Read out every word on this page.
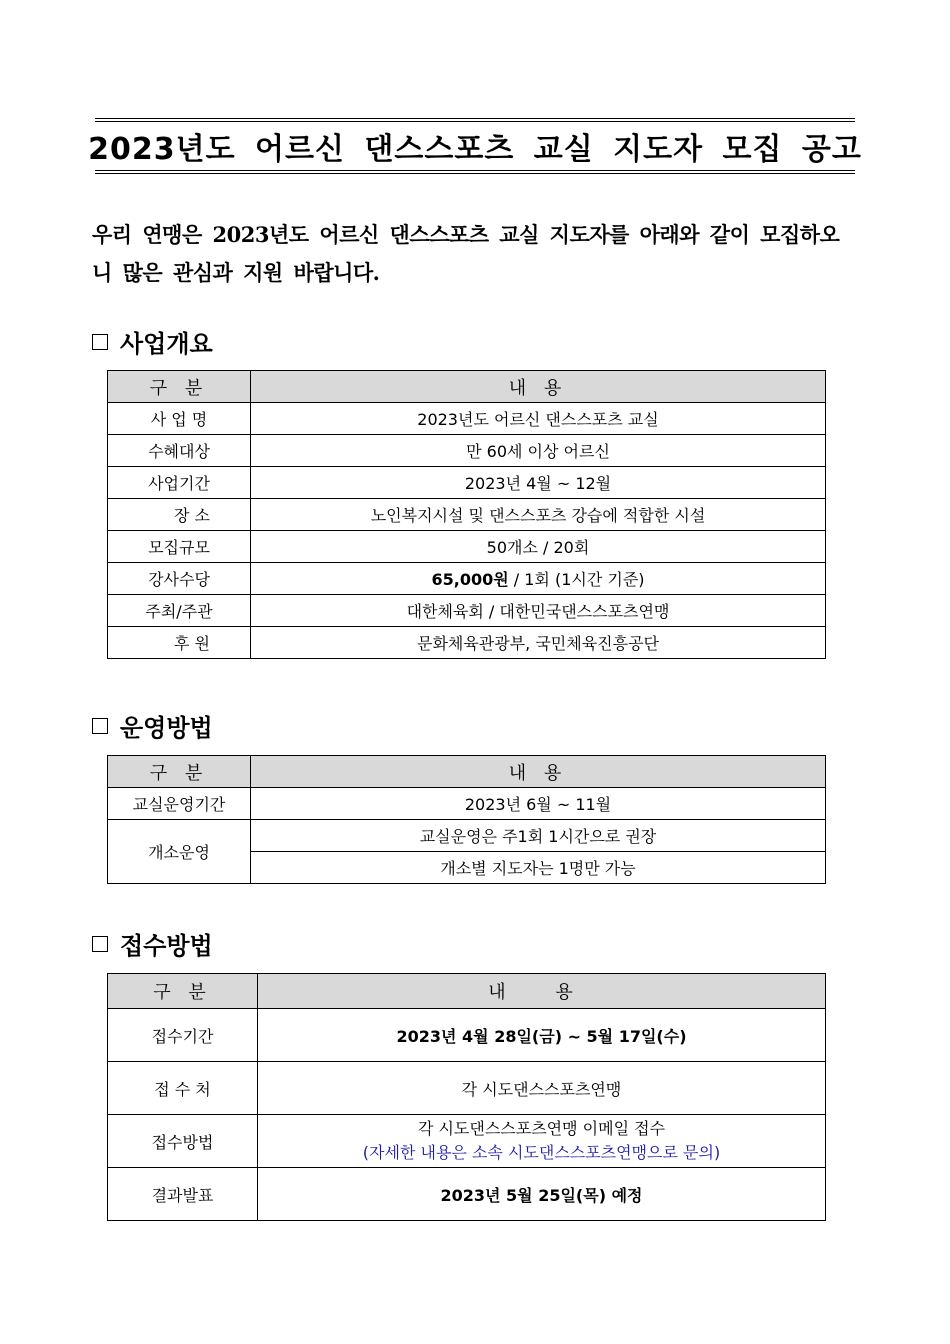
2023년도 어르신 댄스스포츠 교실 지도자 모집 공고
우리 연맹은 2023년도 어르신 댄스스포츠 교실 지도자를 아래와 같이 모집하오니 많은 관심과 지원 바랍니다.
사업개요
구 분	내 용
사 업 명	2023년도 어르신 댄스스포츠 교실
수혜대상	만 60세 이상 어르신
사업기간	2023년 4월 ~ 12월
장 소	노인복지시설 및 댄스스포츠 강습에 적합한 시설
모집규모	50개소 / 20회
강사수당	65,000원 / 1회 (1시간 기준)
주최/주관	대한체육회 / 대한민국댄스스포츠연맹
후 원	문화체육관광부, 국민체육진흥공단
운영방법
구 분	내 용
교실운영기간	2023년 6월 ~ 11월
개소운영	교실운영은 주1회 1시간으로 권장
	개소별 지도자는 1명만 가능
접수방법
구 분	내 용
접수기간	2023년 4월 28일(금) ~ 5월 17일(수)
접 수 처	각 시도댄스스포츠연맹
접수방법	각 시도댄스스포츠연맹 이메일 접수
(자세한 내용은 소속 시도댄스스포츠연맹으로 문의)

결과발표	2023년 5월 25일(목) 예정
